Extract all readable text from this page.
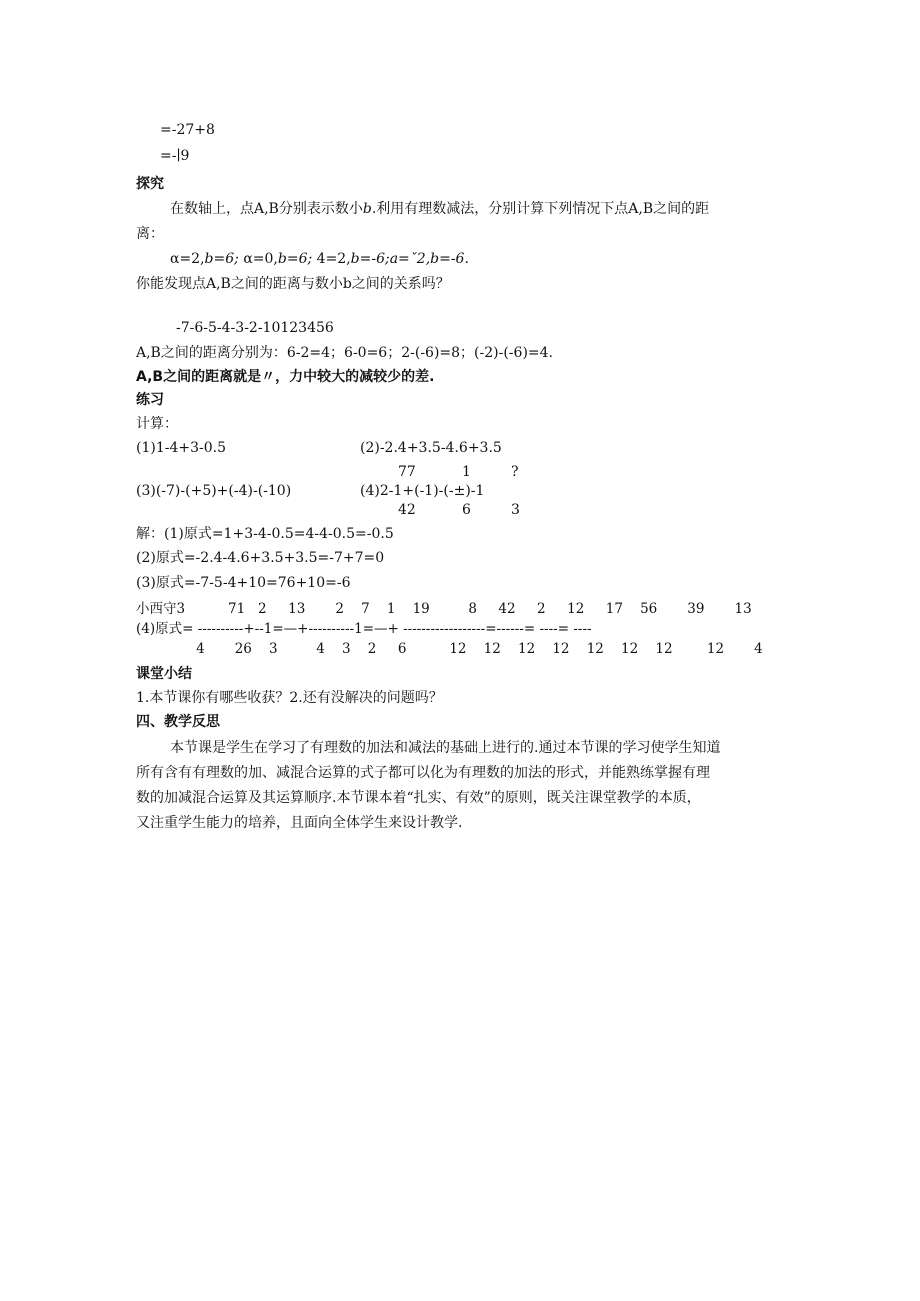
=-27+8
=-∣9
探究
在数轴上，点A,B分别表示数小b.利用有理数减法，分别计算下列情况下点A,B之间的距
离：
α=2,b=6; α=0,b=6; 4=2,b=-6;a=ˇ2,b=-6.
你能发现点A,B之间的距离与数小b之间的关系吗？
-7-6-5-4-3-2-10123456
A,B之间的距离分别为：6-2=4；6-0=6；2-(-6)=8；(-2)-(-6)=4.
A,B之间的距离就是〃，力中较大的减较少的差.
练习
计算：
(1)1-4+3-0.5	(2)-2.4+3.5-4.6+3.5
77	1	?
(3)(-7)-(+5)+(-4)-(-10)	(4)2-1+(-1)-(-±)-1
42	6	3
解：(1)原式=1+3-4-0.5=4-4-0.5=-0.5
(2)原式=-2.4-4.6+3.5+3.5=-7+7=0
(3)原式=-7-5-4+10=76+10=-6
小西守3          71   2     13       2    7    1    19         8     42     2     12     17    56       39       13
(4)原式= ----------+--1=—+----------1=—+ ------------------=------= ----= ----
4       26    3         4    3    2     6          12    12    12    12    12    12    12        12       4
课堂小结
1.本节课你有哪些收获？2.还有没解决的问题吗？
四、教学反思
本节课是学生在学习了有理数的加法和减法的基础上进行的.通过本节课的学习使学生知道
所有含有有理数的加、减混合运算的式子都可以化为有理数的加法的形式，并能熟练掌握有理
数的加减混合运算及其运算顺序.本节课本着“扎实、有效”的原则，既关注课堂教学的本质，
又注重学生能力的培养，且面向全体学生来设计教学.
